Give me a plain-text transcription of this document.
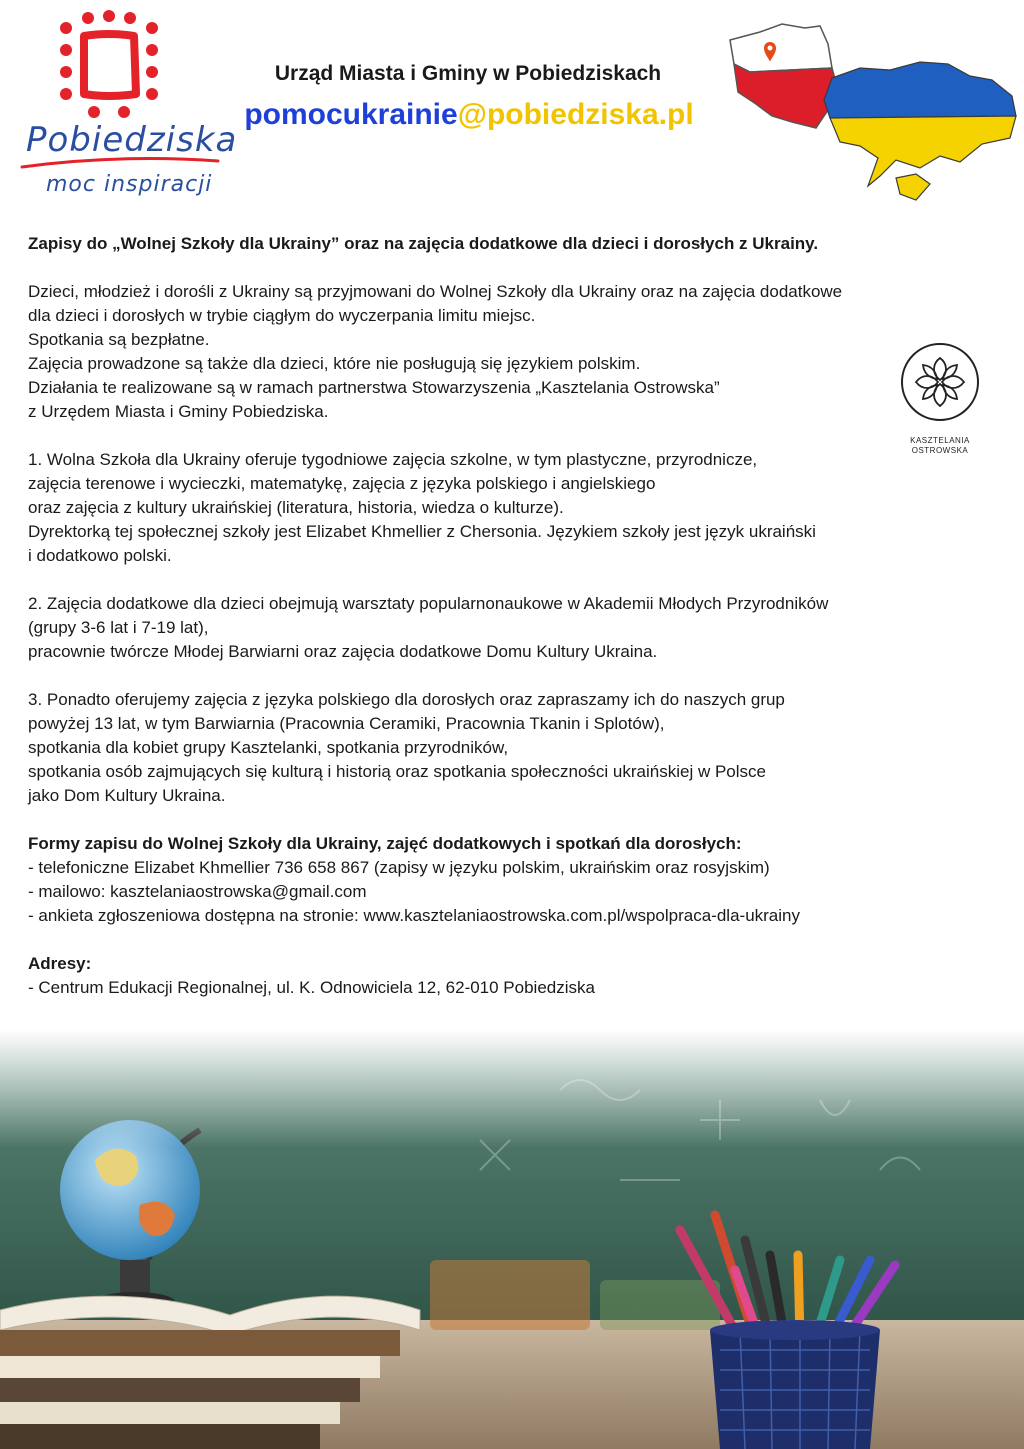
Pobiedziska
moc inspiracji
Urząd Miasta i Gminy w Pobiedziskach
pomocukrainie@pobiedziska.pl
KASZTELANIA
OSTROWSKA

Zapisy do „Wolnej Szkoły dla Ukrainy” oraz na zajęcia dodatkowe dla dzieci i dorosłych z Ukrainy.

Dzieci, młodzież i dorośli z Ukrainy są przyjmowani do Wolnej Szkoły dla Ukrainy oraz na zajęcia dodatkowe

dla dzieci i dorosłych w trybie ciągłym do wyczerpania limitu miejsc.

Spotkania są bezpłatne.

Zajęcia prowadzone są także dla dzieci, które nie posługują się językiem polskim.

Działania te realizowane są w ramach partnerstwa Stowarzyszenia „Kasztelania Ostrowska”

z Urzędem Miasta i Gminy Pobiedziska.

1. Wolna Szkoła dla Ukrainy oferuje tygodniowe zajęcia szkolne, w tym plastyczne, przyrodnicze,

zajęcia terenowe i wycieczki, matematykę, zajęcia z języka polskiego i angielskiego

oraz zajęcia z kultury ukraińskiej (literatura, historia, wiedza o kulturze).

Dyrektorką tej społecznej szkoły jest Elizabet Khmellier z Chersonia. Językiem szkoły jest język ukraiński

i dodatkowo polski.

2. Zajęcia dodatkowe dla dzieci obejmują warsztaty popularnonaukowe w Akademii Młodych Przyrodników

(grupy 3-6 lat i 7-19 lat),

pracownie twórcze Młodej Barwiarni oraz zajęcia dodatkowe Domu Kultury Ukraina.

3. Ponadto oferujemy zajęcia z języka polskiego dla dorosłych oraz zapraszamy ich do naszych grup

powyżej 13 lat, w tym Barwiarnia (Pracownia Ceramiki, Pracownia Tkanin i Splotów),

spotkania dla kobiet grupy Kasztelanki, spotkania przyrodników,

spotkania osób zajmujących się kulturą i historią oraz spotkania społeczności ukraińskiej w Polsce

jako Dom Kultury Ukraina.

Formy zapisu do Wolnej Szkoły dla Ukrainy, zajęć dodatkowych i spotkań dla dorosłych:

- telefoniczne Elizabet Khmellier 736 658 867 (zapisy w języku polskim, ukraińskim oraz rosyjskim)

- mailowo: kasztelaniaostrowska@gmail.com

- ankieta zgłoszeniowa dostępna na stronie: www.kasztelaniaostrowska.com.pl/wspolpraca-dla-ukrainy

Adresy:

- Centrum Edukacji Regionalnej, ul. K. Odnowiciela 12, 62-010 Pobiedziska
